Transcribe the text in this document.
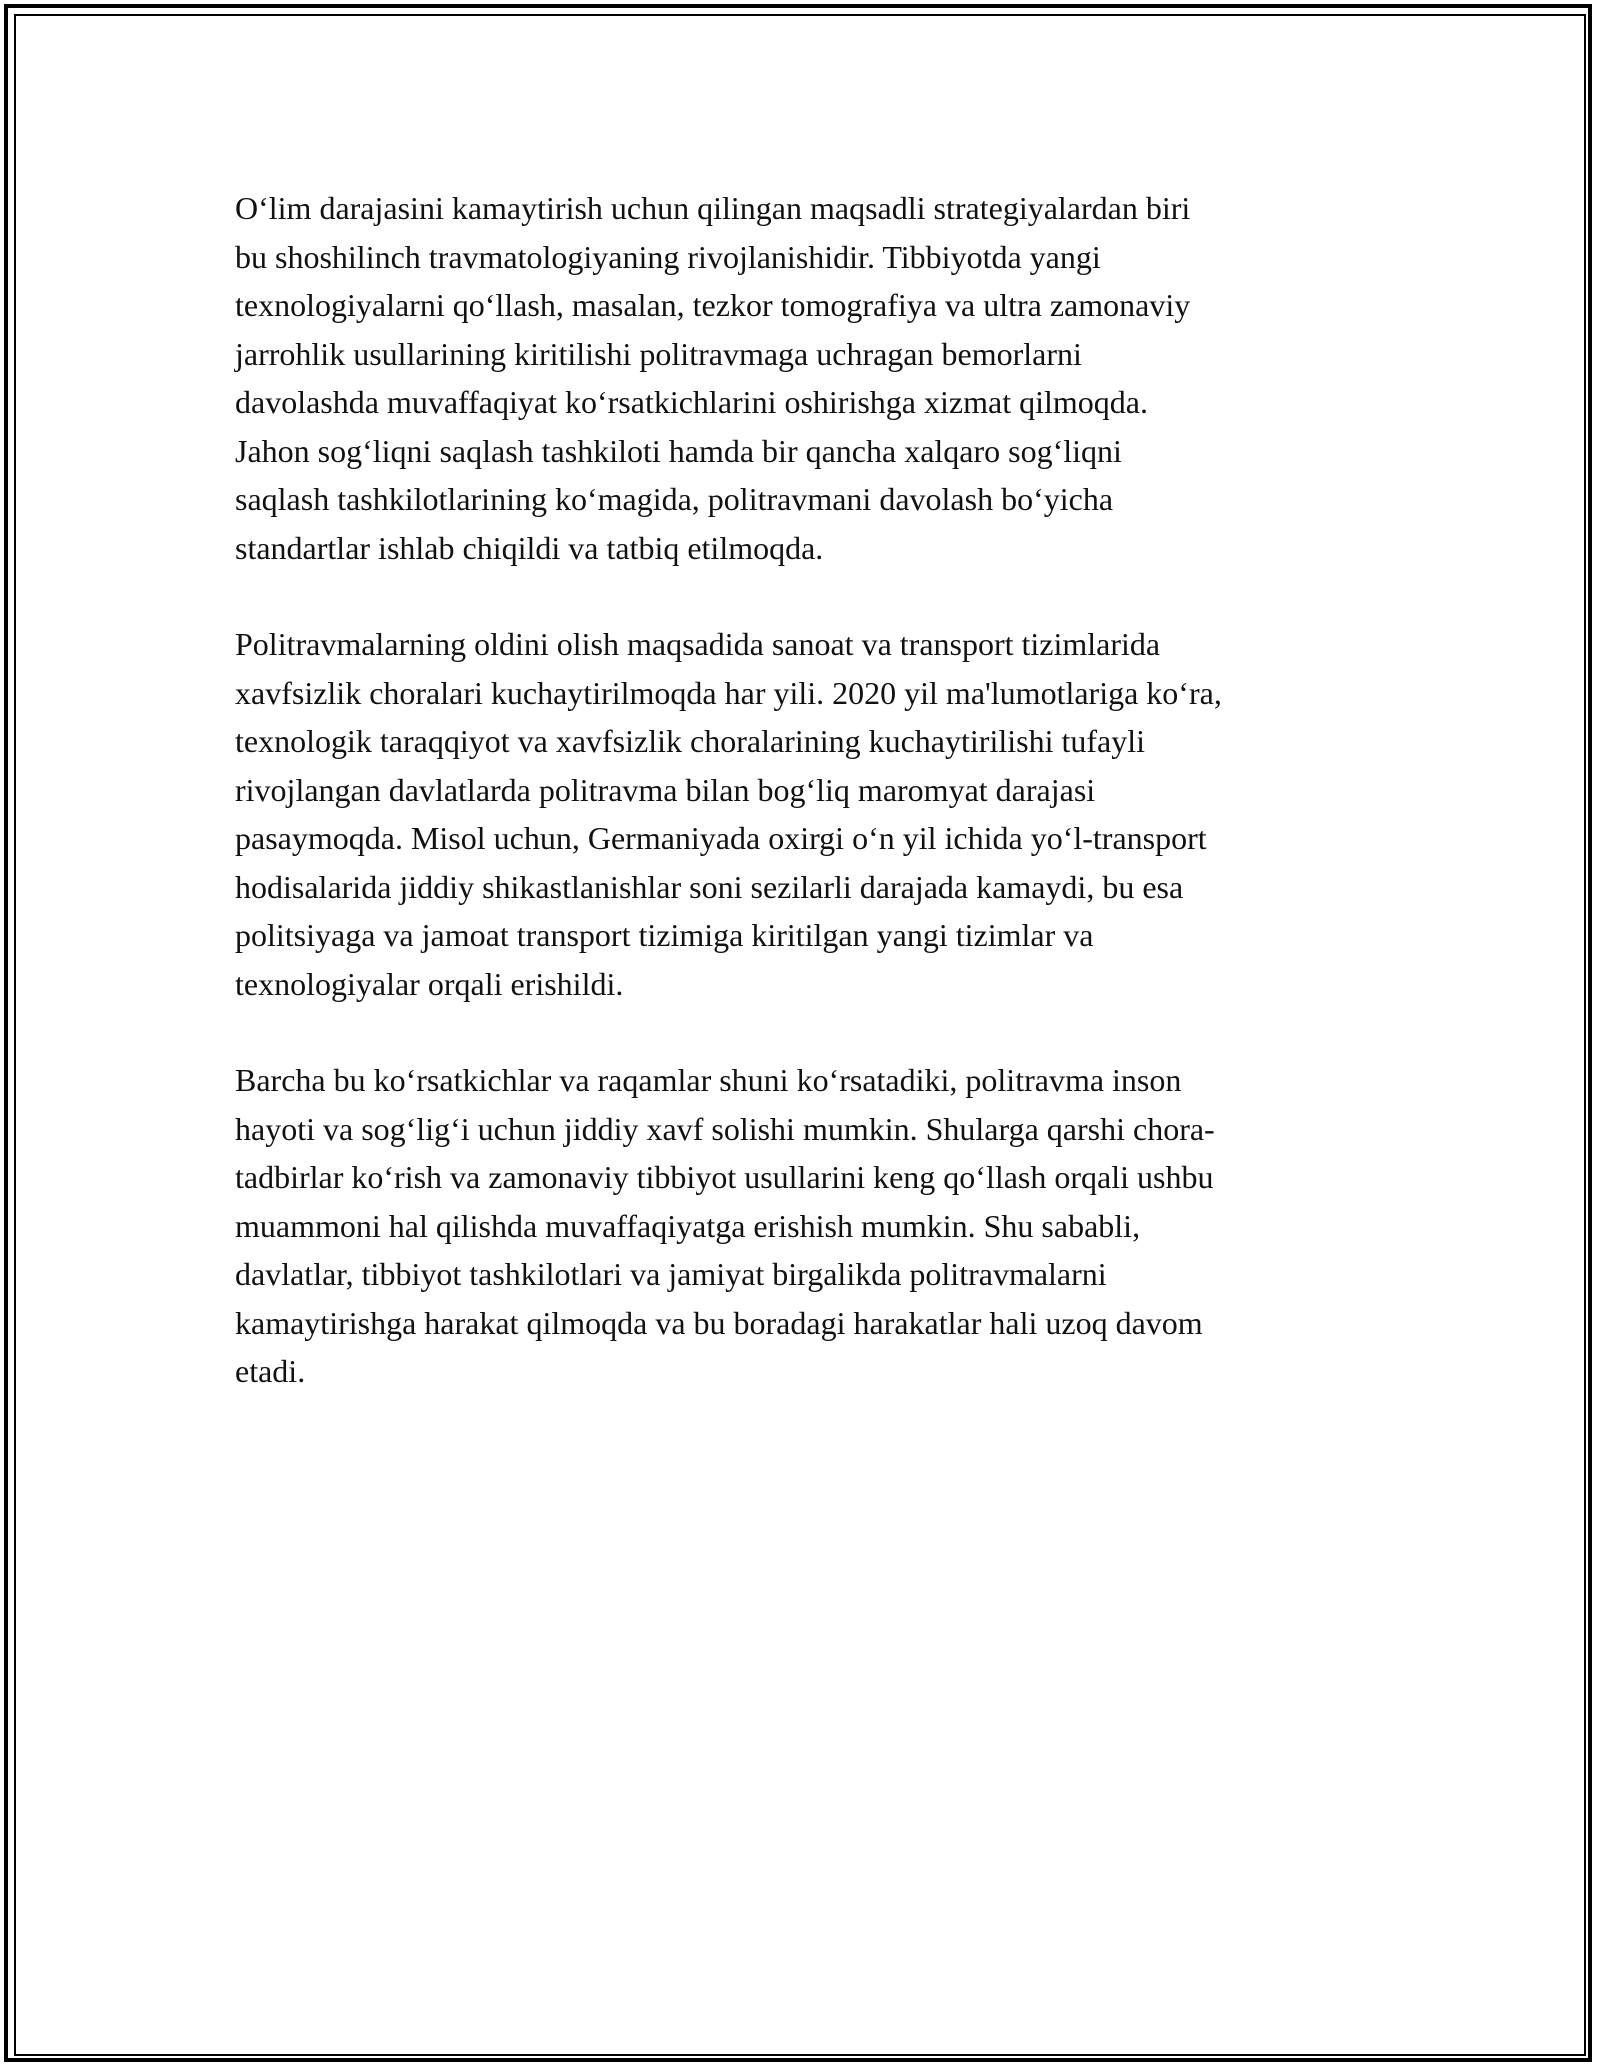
O‘lim darajasini kamaytirish uchun qilingan maqsadli strategiyalardan biri
bu shoshilinch travmatologiyaning rivojlanishidir. Tibbiyotda yangi
texnologiyalarni qo‘llash, masalan, tezkor tomografiya va ultra zamonaviy
jarrohlik usullarining kiritilishi politravmaga uchragan bemorlarni
davolashda muvaffaqiyat ko‘rsatkichlarini oshirishga xizmat qilmoqda.
Jahon sog‘liqni saqlash tashkiloti hamda bir qancha xalqaro sog‘liqni
saqlash tashkilotlarining ko‘magida, politravmani davolash bo‘yicha
standartlar ishlab chiqildi va tatbiq etilmoqda.

Politravmalarning oldini olish maqsadida sanoat va transport tizimlarida
xavfsizlik choralari kuchaytirilmoqda har yili. 2020 yil ma'lumotlariga ko‘ra,
texnologik taraqqiyot va xavfsizlik choralarining kuchaytirilishi tufayli
rivojlangan davlatlarda politravma bilan bog‘liq maromyat darajasi
pasaymoqda. Misol uchun, Germaniyada oxirgi o‘n yil ichida yo‘l-transport
hodisalarida jiddiy shikastlanishlar soni sezilarli darajada kamaydi, bu esa
politsiyaga va jamoat transport tizimiga kiritilgan yangi tizimlar va
texnologiyalar orqali erishildi.

Barcha bu ko‘rsatkichlar va raqamlar shuni ko‘rsatadiki, politravma inson
hayoti va sog‘lig‘i uchun jiddiy xavf solishi mumkin. Shularga qarshi chora-
tadbirlar ko‘rish va zamonaviy tibbiyot usullarini keng qo‘llash orqali ushbu
muammoni hal qilishda muvaffaqiyatga erishish mumkin. Shu sababli,
davlatlar, tibbiyot tashkilotlari va jamiyat birgalikda politravmalarni
kamaytirishga harakat qilmoqda va bu boradagi harakatlar hali uzoq davom
etadi.
